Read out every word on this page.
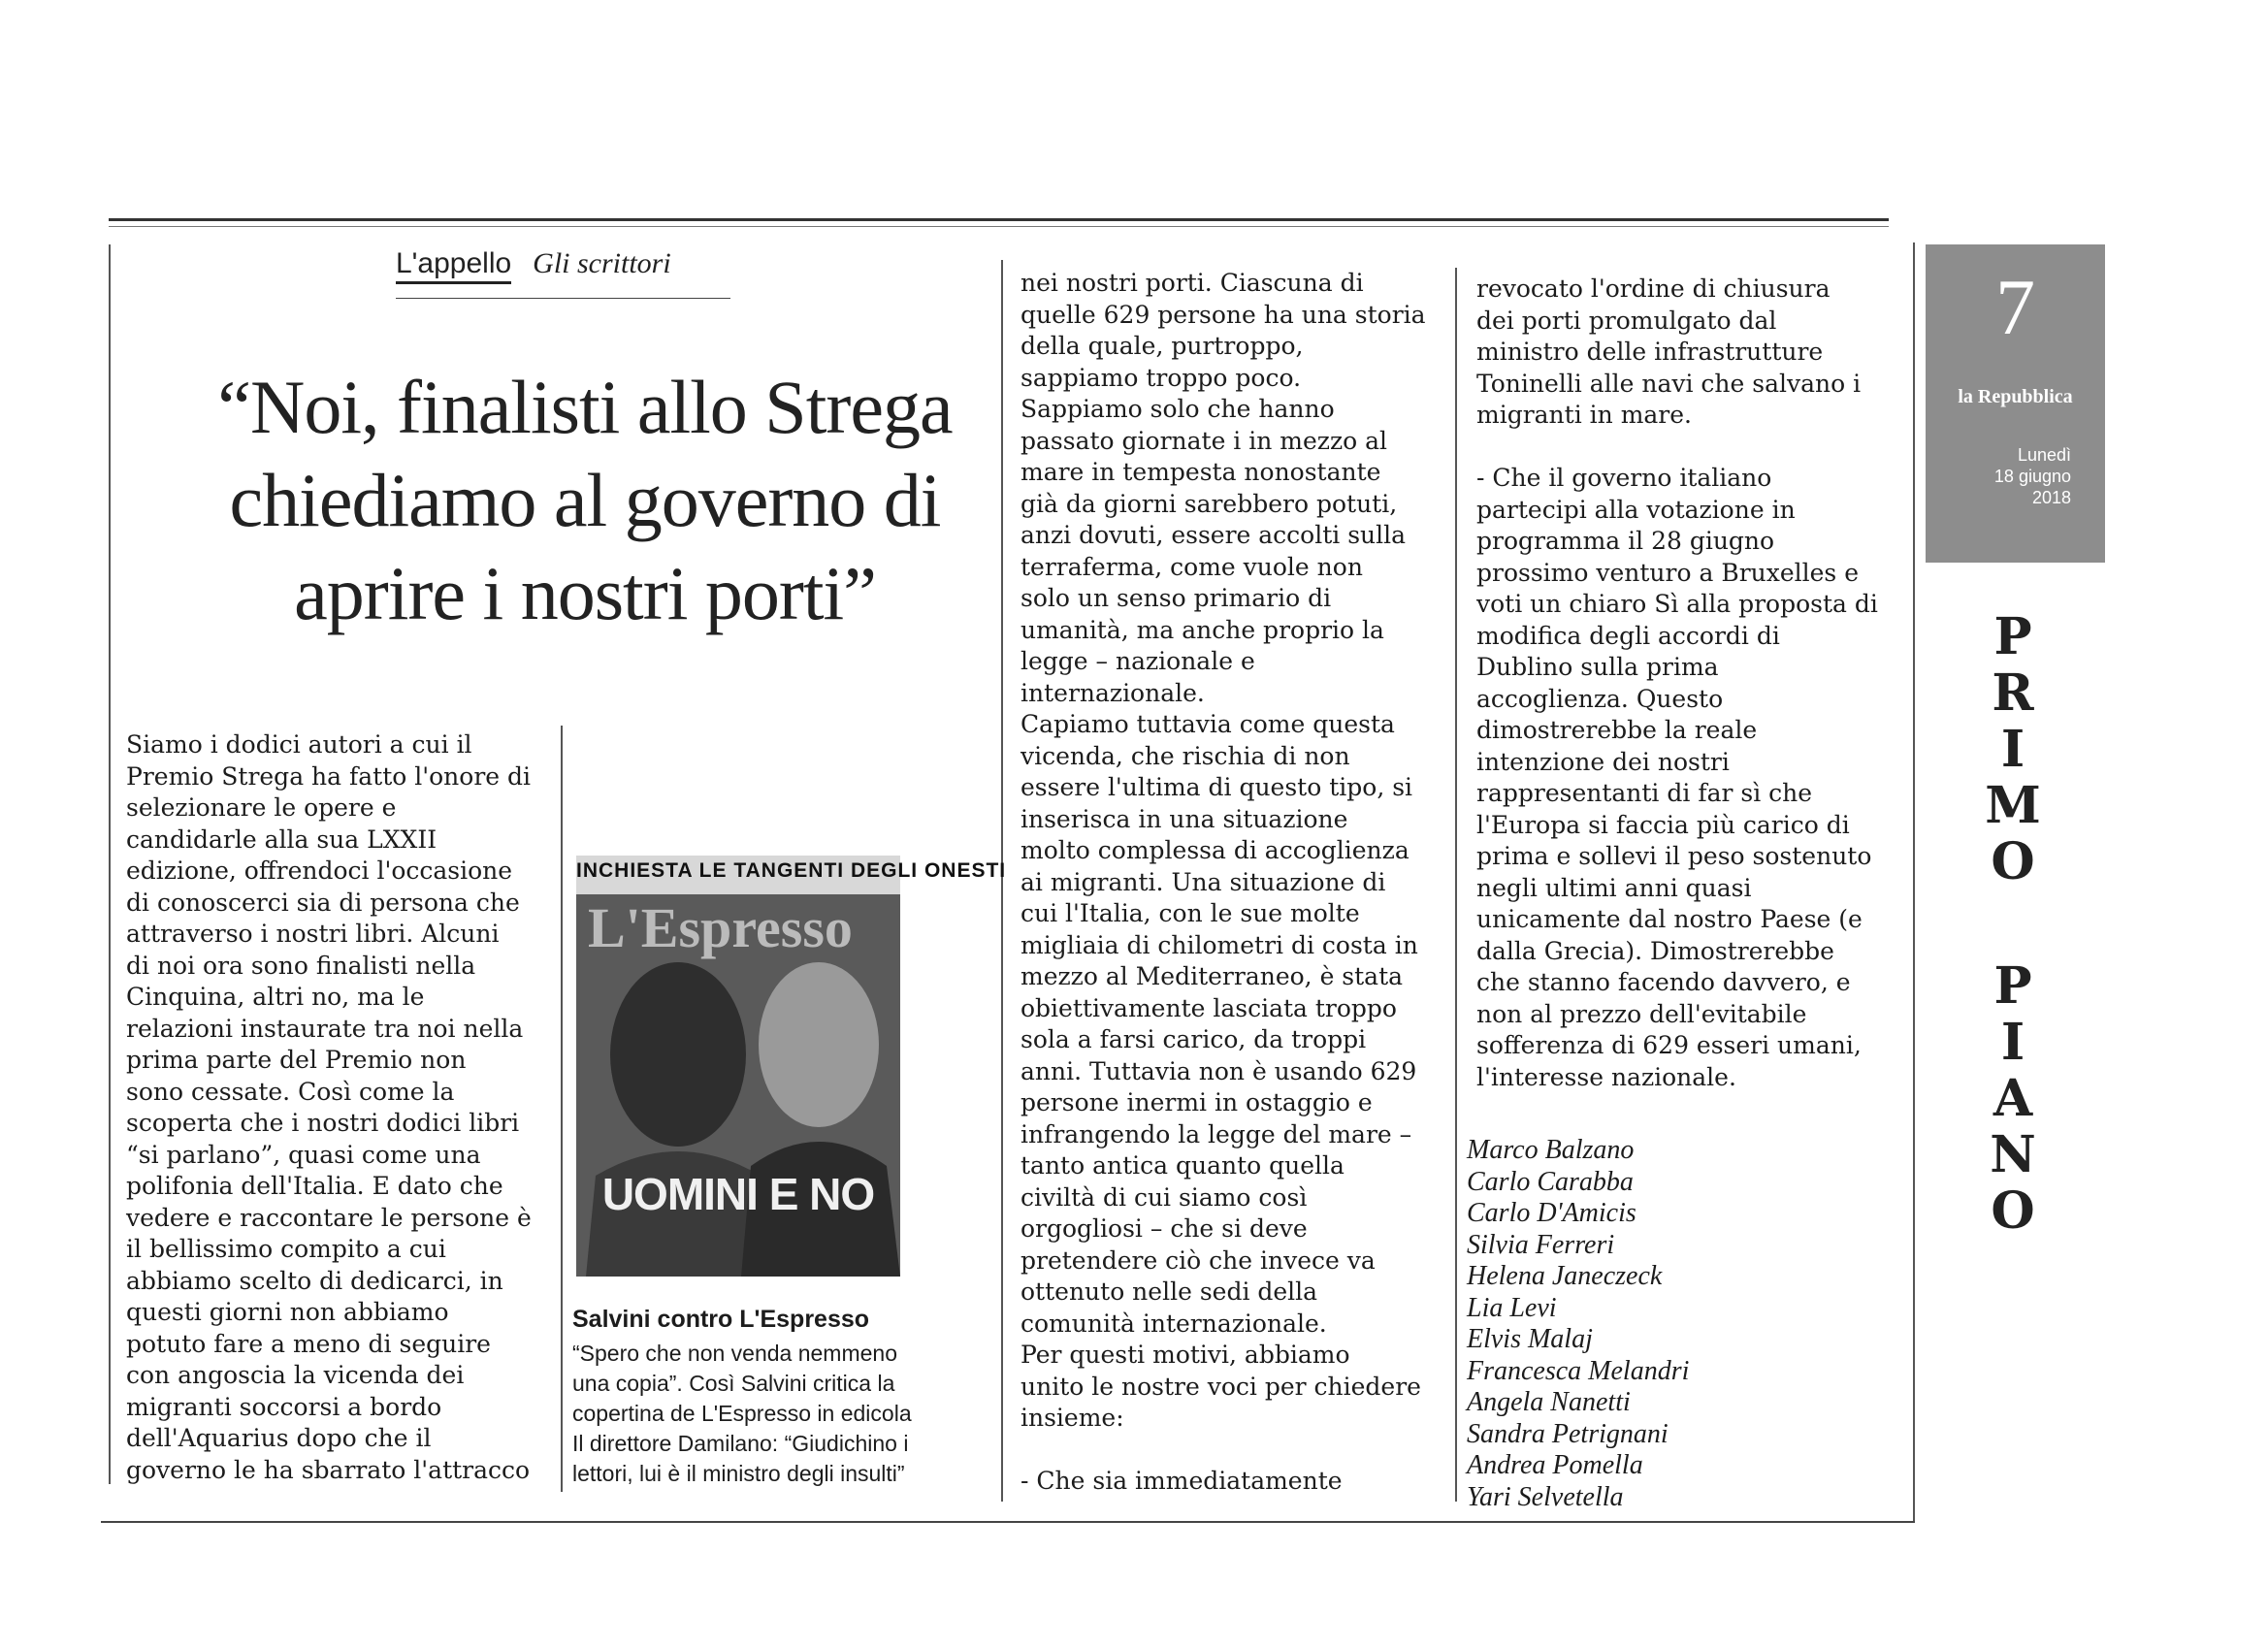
L'appello Gli scrittori
“Noi, finalisti allo Strega chiediamo al governo di aprire i nostri porti”
Siamo i dodici autori a cui il
Premio Strega ha fatto l'onore di
selezionare le opere e
candidarle alla sua LXXII
edizione, offrendoci l'occasione
di conoscerci sia di persona che
attraverso i nostri libri. Alcuni
di noi ora sono finalisti nella
Cinquina, altri no, ma le
relazioni instaurate tra noi nella
prima parte del Premio non
sono cessate. Così come la
scoperta che i nostri dodici libri
“si parlano”, quasi come una
polifonia dell'Italia. E dato che
vedere e raccontare le persone è
il bellissimo compito a cui
abbiamo scelto di dedicarci, in
questi giorni non abbiamo
potuto fare a meno di seguire
con angoscia la vicenda dei
migranti soccorsi a bordo
dell'Aquarius dopo che il
governo le ha sbarrato l'attracco
INCHIESTA LE TANGENTI DEGLI ONESTI
L'Espresso
UOMINI E NO
Salvini contro L'Espresso
“Spero che non venda nemmeno
una copia”. Così Salvini critica la
copertina de L'Espresso in edicola
Il direttore Damilano: “Giudichino i
lettori, lui è il ministro degli insulti”
nei nostri porti. Ciascuna di
quelle 629 persone ha una storia
della quale, purtroppo,
sappiamo troppo poco.
Sappiamo solo che hanno
passato giornate i in mezzo al
mare in tempesta nonostante
già da giorni sarebbero potuti,
anzi dovuti, essere accolti sulla
terraferma, come vuole non
solo un senso primario di
umanità, ma anche proprio la
legge – nazionale e
internazionale.
Capiamo tuttavia come questa
vicenda, che rischia di non
essere l'ultima di questo tipo, si
inserisca in una situazione
molto complessa di accoglienza
ai migranti. Una situazione di
cui l'Italia, con le sue molte
migliaia di chilometri di costa in
mezzo al Mediterraneo, è stata
obiettivamente lasciata troppo
sola a farsi carico, da troppi
anni. Tuttavia non è usando 629
persone inermi in ostaggio e
infrangendo la legge del mare –
tanto antica quanto quella
civiltà di cui siamo così
orgogliosi – che si deve
pretendere ciò che invece va
ottenuto nelle sedi della
comunità internazionale.
Per questi motivi, abbiamo
unito le nostre voci per chiedere
insieme:

- Che sia immediatamente
revocato l'ordine di chiusura
dei porti promulgato dal
ministro delle infrastrutture
Toninelli alle navi che salvano i
migranti in mare.

- Che il governo italiano
partecipi alla votazione in
programma il 28 giugno
prossimo venturo a Bruxelles e
voti un chiaro Sì alla proposta di
modifica degli accordi di
Dublino sulla prima
accoglienza. Questo
dimostrerebbe la reale
intenzione dei nostri
rappresentanti di far sì che
l'Europa si faccia più carico di
prima e sollevi il peso sostenuto
negli ultimi anni quasi
unicamente dal nostro Paese (e
dalla Grecia). Dimostrerebbe
che stanno facendo davvero, e
non al prezzo dell'evitabile
sofferenza di 629 esseri umani,
l'interesse nazionale.
Marco Balzano
Carlo Carabba
Carlo D'Amicis
Silvia Ferreri
Helena Janeczeck
Lia Levi
Elvis Malaj
Francesca Melandri
Angela Nanetti
Sandra Petrignani
Andrea Pomella
Yari Selvetella
7
la Repubblica
Lunedì
18 giugno
2018
P
R
I
M
O
P
I
A
N
O
